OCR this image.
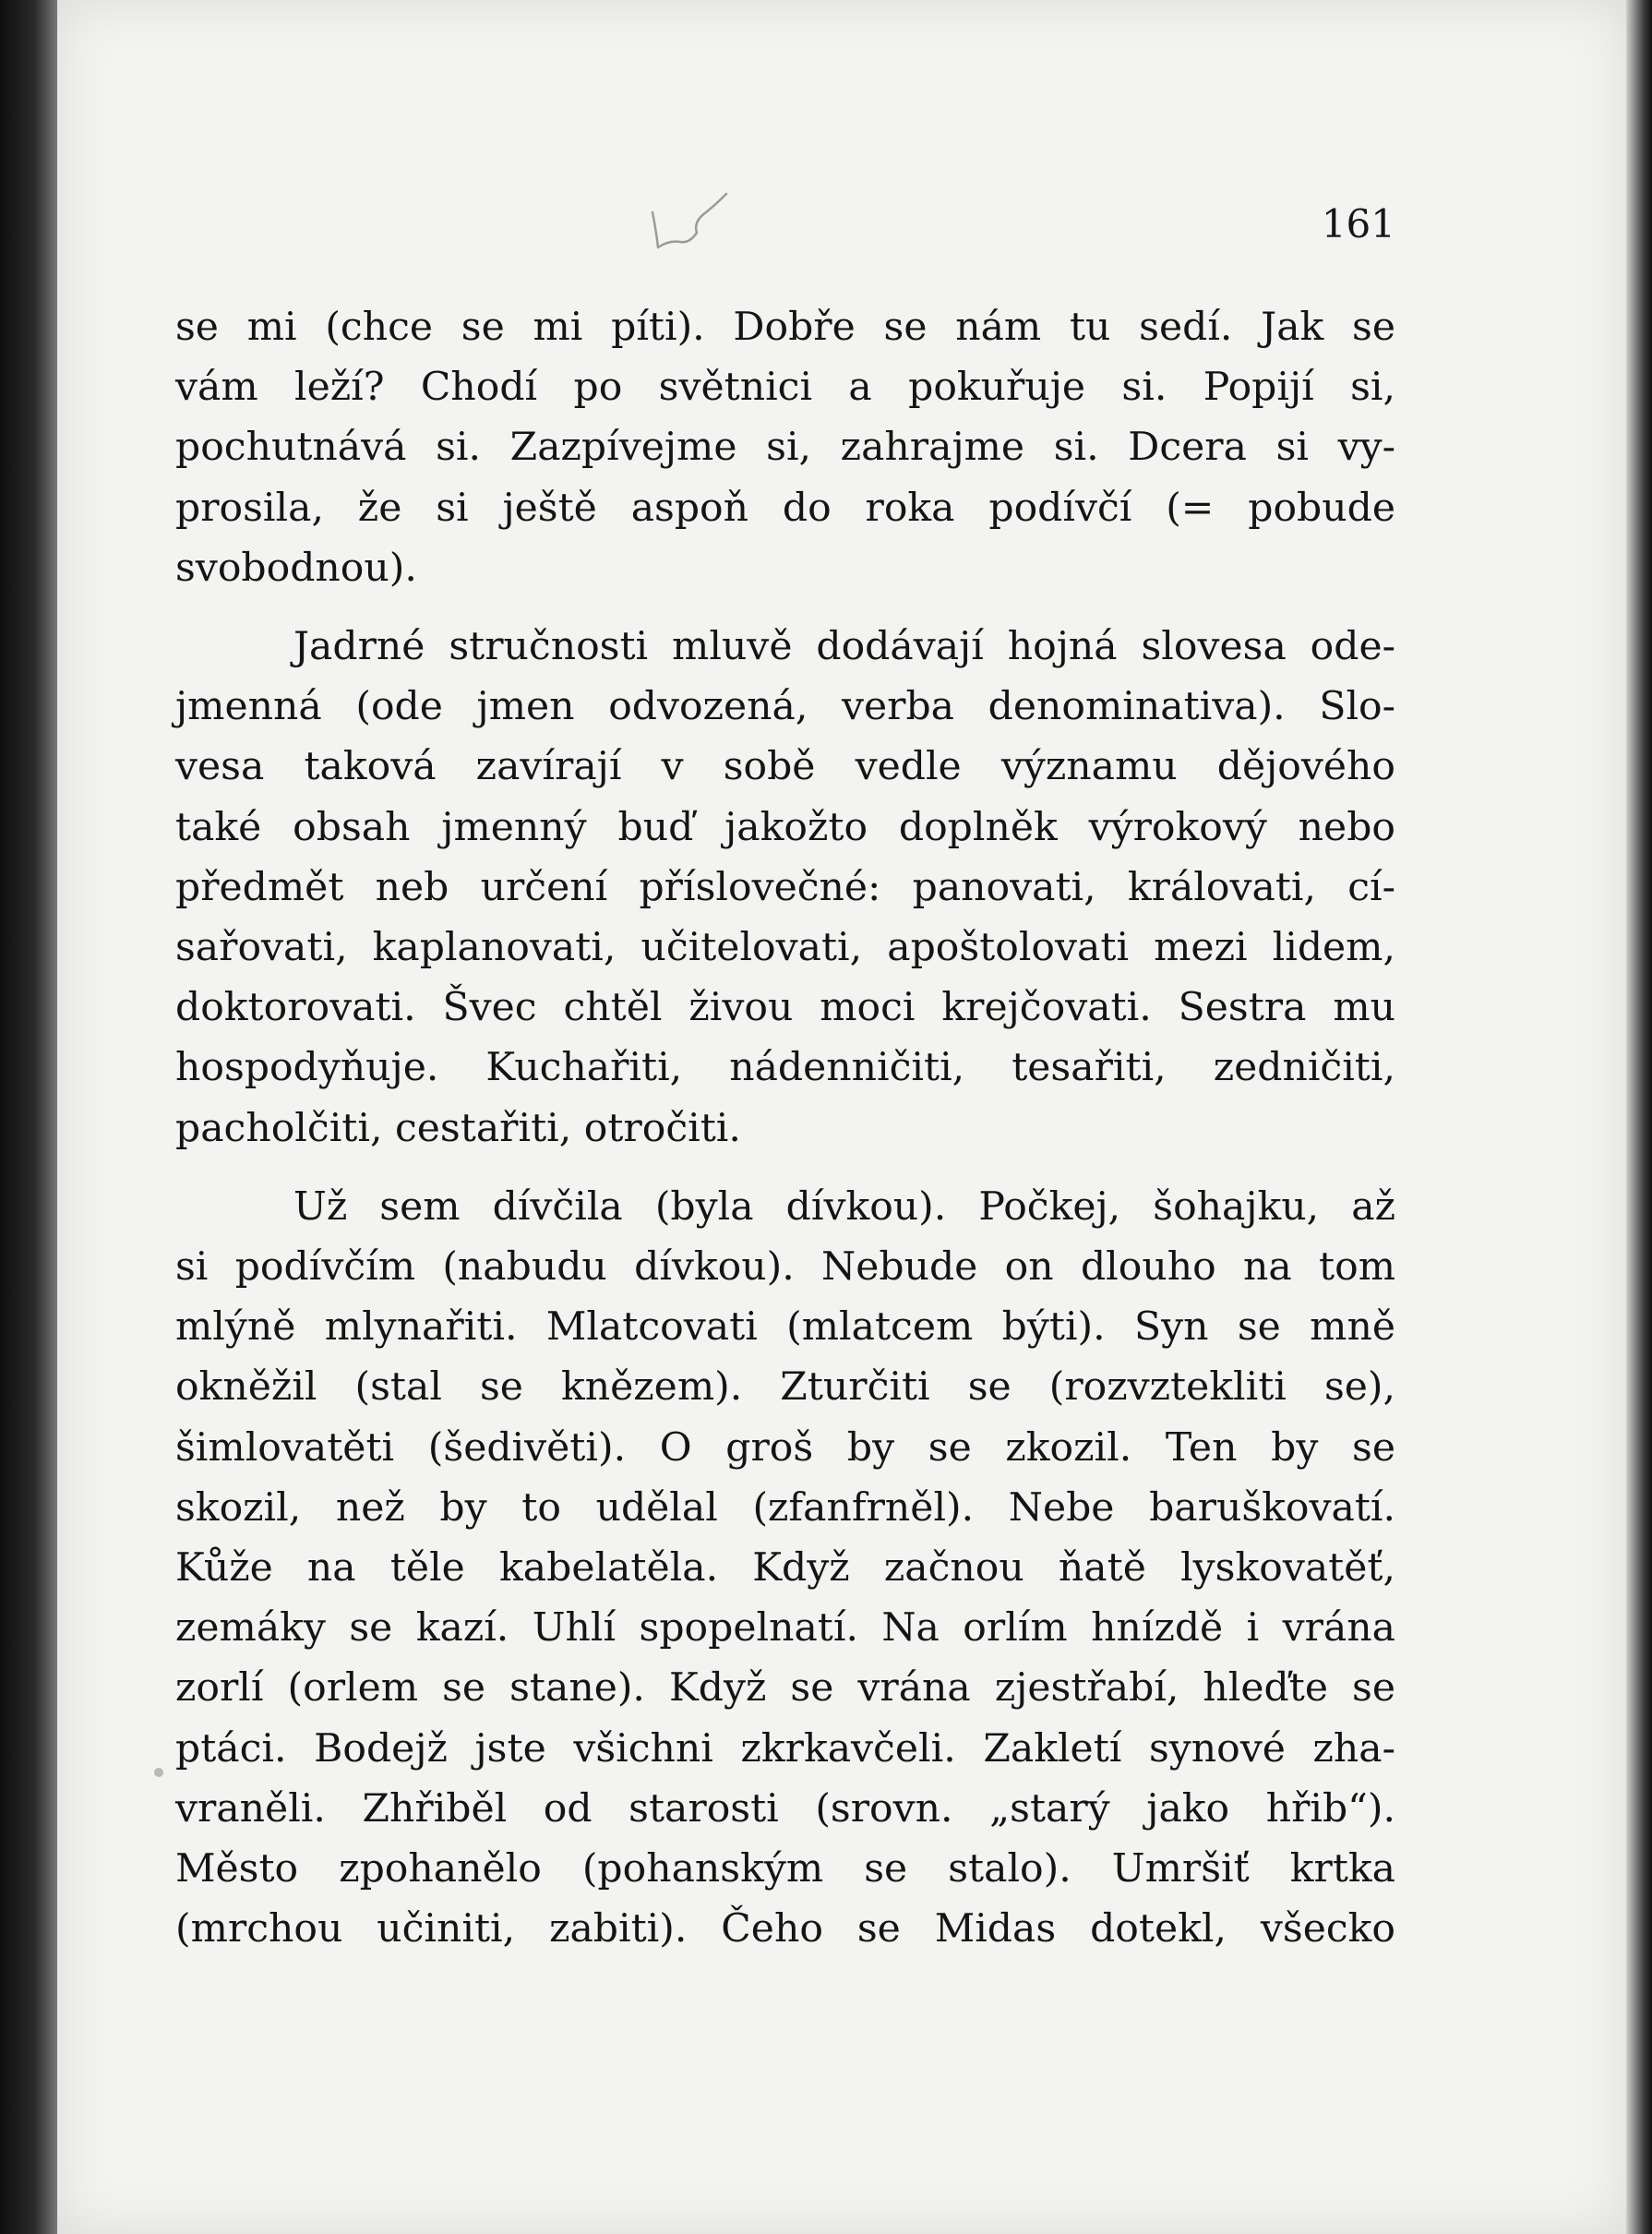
161

se mi (chce se mi píti). Dobře se nám tu sedí. Jak se
vám leží? Chodí po světnici a pokuřuje si. Popijí si,
pochutnává si. Zazpívejme si, zahrajme si. Dcera si vy-
prosila, že si ještě aspoň do roka podívčí (= pobude
svobodnou).

Jadrné stručnosti mluvě dodávají hojná slovesa ode-
jmenná (ode jmen odvozená, verba denominativa). Slo-
vesa taková zavírají v sobě vedle významu dějového
také obsah jmenný buď jakožto doplněk výrokový nebo
předmět neb určení příslovečné: panovati, královati, cí-
sařovati, kaplanovati, učitelovati, apoštolovati mezi lidem,
doktorovati. Švec chtěl živou moci krejčovati. Sestra mu
hospodyňuje. Kuchařiti, nádenničiti, tesařiti, zedničiti,
pacholčiti, cestařiti, otročiti.

Už sem dívčila (byla dívkou). Počkej, šohajku, až
si podívčím (nabudu dívkou). Nebude on dlouho na tom
mlýně mlynařiti. Mlatcovati (mlatcem býti). Syn se mně
okněžil (stal se knězem). Zturčiti se (rozvztekliti se),
šimlovatěti (šedivěti). O groš by se zkozil. Ten by se
skozil, než by to udělal (zfanfrněl). Nebe baruškovatí.
Kůže na těle kabelatěla. Když začnou ňatě lyskovatěť,
zemáky se kazí. Uhlí spopelnatí. Na orlím hnízdě i vrána
zorlí (orlem se stane). Když se vrána zjestřabí, hleďte se
ptáci. Bodejž jste všichni zkrkavčeli. Zakletí synové zha-
vraněli. Zhřiběl od starosti (srovn. „starý jako hřib“).
Město zpohanělo (pohanským se stalo). Umršiť krtka
(mrchou učiniti, zabiti). Čeho se Midas dotekl, všecko
